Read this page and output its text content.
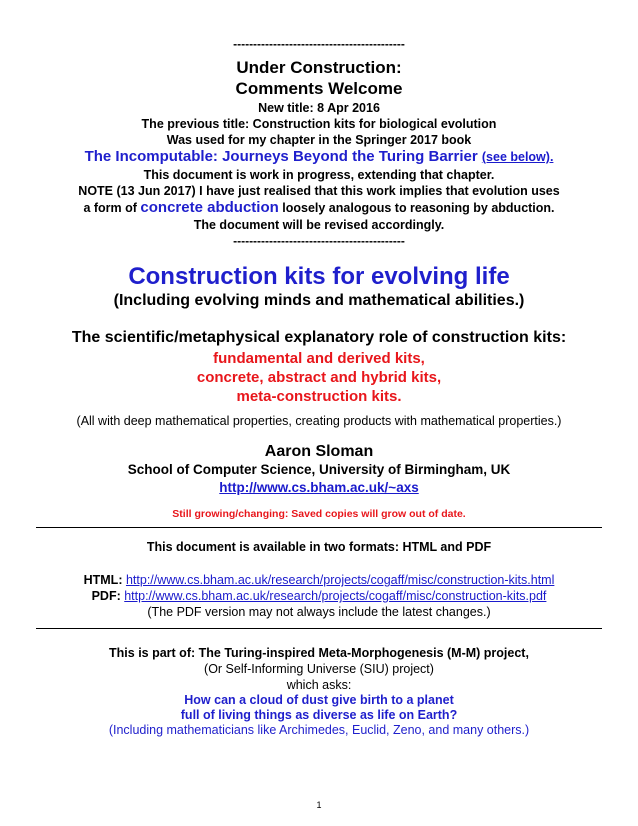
-------------------------------------------
Under Construction:
Comments Welcome
New title: 8 Apr 2016
The previous title: Construction kits for biological evolution
Was used for my chapter in the Springer 2017 book
The Incomputable: Journeys Beyond the Turing Barrier (see below).
This document is work in progress, extending that chapter.
NOTE (13 Jun 2017) I have just realised that this work implies that evolution uses
a form of concrete abduction loosely analogous to reasoning by abduction.
The document will be revised accordingly.
-------------------------------------------
Construction kits for evolving life
(Including evolving minds and mathematical abilities.)
The scientific/metaphysical explanatory role of construction kits:
fundamental and derived kits,
concrete, abstract and hybrid kits,
meta-construction kits.
(All with deep mathematical properties, creating products with mathematical properties.)
Aaron Sloman
School of Computer Science, University of Birmingham, UK
http://www.cs.bham.ac.uk/~axs
Still growing/changing: Saved copies will grow out of date.
This document is available in two formats: HTML and PDF
HTML: http://www.cs.bham.ac.uk/research/projects/cogaff/misc/construction-kits.html
PDF: http://www.cs.bham.ac.uk/research/projects/cogaff/misc/construction-kits.pdf
(The PDF version may not always include the latest changes.)
This is part of: The Turing-inspired Meta-Morphogenesis (M-M) project,
(Or Self-Informing Universe (SIU) project)
which asks:
How can a cloud of dust give birth to a planet
full of living things as diverse as life on Earth?
(Including mathematicians like Archimedes, Euclid, Zeno, and many others.)
1
